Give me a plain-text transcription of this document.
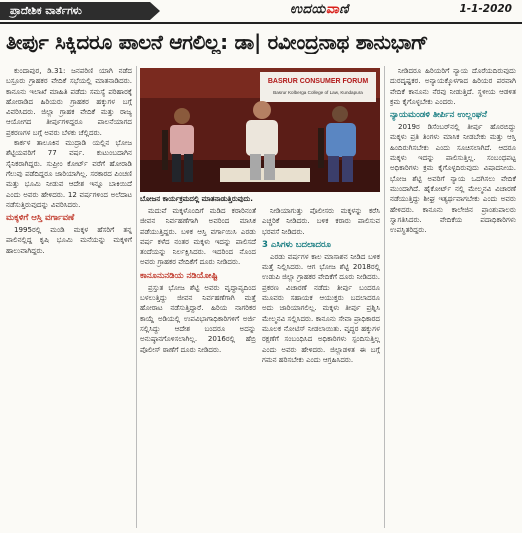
ಪ್ರಾದೇಶಿಕ ವಾರ್ತೆಗಳು	ಉದಯವಾಣಿ	1-1-2020
ತೀರ್ಪು ಸಿಕ್ಕಿದರೂ ಪಾಲನೆ ಆಗಲಿಲ್ಲ: ಡಾ| ರವೀಂದ್ರನಾಥ ಶಾನುಭಾಗ್
BASRUR CONSUMER FORUM
Basrur Kolberga College of Law, Kundapura
ಬೋಜನ ಕಾರ್ಯಕ್ರಮದಲ್ಲಿ ಮಾತನಾಡುತ್ತಿರುವುದು.

ಕುಂದಾಪುರ, ಡಿ.31: ಜನಪರಿಣಿ ಯಾಗಿ ನಡೆದ ಬಸ್ರೂರು ಗ್ರಾಹಕರ ವೇದಿಕೆ ಸಭೆಯಲ್ಲಿ ಮಾತನಾಡಿದರು. ಕಾನೂನು ಇಲಾಖೆ ಮಾಹಿತಿ ಪಡೆದು ಸಮಸ್ಯೆ ಪರಿಹಾರಕ್ಕೆ ಹೋರಾಡಿದ ಹಿರಿಯರು ಗ್ರಾಹಕರ ಹಕ್ಕುಗಳ ಬಗ್ಗೆ ವಿವರಿಸಿದರು. ಜಿಲ್ಲಾ ಗ್ರಾಹಕ ವೇದಿಕೆ ಮತ್ತು ರಾಜ್ಯ ಆಯೋಗದ ತೀರ್ಪುಗಳಿದ್ದರೂ ಪಾಲನೆಯಾಗದ ಪ್ರಕರಣಗಳ ಬಗ್ಗೆ ಅವರು ಬೆಳಕು ಚೆಲ್ಲಿದರು.

ಕಾರ್ಕಳ ತಾಲೂಕಿನ ಮುದ್ರಾಡಿ ಯಲ್ಲಿನ ಭೋಜ ಶೆಟ್ಟಿಯವರಿಗೆ 77 ವರ್ಷ. ಕುಟುಂಬದಾಗಿನ ಸೈನಿಕರಾಗಿದ್ದರು. ಸುಪ್ರೀಂ ಕೋರ್ಟ್ ವರೆಗೆ ಹೋರಾಡಿ ಗೆಲುವು ಪಡೆದಿದ್ದರೂ ಜಾರಿಯಾಗಿಲ್ಲ. ಸರಕಾರದ ಪಿಂಚಣಿ ಮತ್ತು ಭೂಮಿ ನೀಡುವ ಆದೇಶ ಇನ್ನೂ ಬಾಕಿಯಿದೆ ಎಂದು ಅವರು ಹೇಳಿದರು. 12 ವರ್ಷಗಳಿಂದ ಅಲೆದಾಟ ನಡೆಸುತ್ತಿರುವುದನ್ನು ವಿವರಿಸಿದರು.

ಮಕ್ಕಳಿಗೆ ಆಸ್ತಿ ವರ್ಗಾವಣೆ

1995ರಲ್ಲಿ ಮಂಡಿ ಮಕ್ಕಳ ಹೆಸರಿಗೆ ತನ್ನ ಪಾಲಿನಲ್ಲಿದ್ದ ಕೃಷಿ ಭೂಮಿ ಮನೆಯನ್ನು ಮಕ್ಕಳಿಗೆ ಹಾಲುವಾಗಿದ್ದರು.

ಮದುವೆ ಮಕ್ಕಳೊಂದಿಗೆ ಮಡಿದ ಕರಾರಿನಂತೆ ಜೀವನ ನಿರ್ವಹಣೆಗಾಗಿ ಅವರಿಂದ ಮಾಸಿಕ ಪಡೆಯುತ್ತಿದ್ದರು. ಬಳಿಕ ಆಸ್ತಿ ವರ್ಗಾಯಿಸಿ ಎರಡು ವರ್ಷ ಕಳೆದ ನಂತರ ಮಕ್ಕಳು ಇದನ್ನು ಪಾಲಿಸದೆ ತಂದೆಯನ್ನು ನಿರ್ಲಕ್ಷಿಸಿದರು. ಇದರಿಂದ ನೊಂದ ಅವರು ಗ್ರಾಹಕರ ವೇದಿಕೆಗೆ ದೂರು ನೀಡಿದರು.

ಕಾನೂನುನಡಿಯ ನಡಿಯೋಷ್ಟಿ

ಪ್ರಸ್ತುತ ಭೋಜ ಶೆಟ್ಟಿ ಅವರು ವೃದ್ಧಾಪ್ಯದಿಂದ ಬಳಲುತ್ತಿದ್ದು ಜೀವನ ನಿರ್ವಹಣೆಗಾಗಿ ಮತ್ತೆ ಹೋರಾಟ ನಡೆಸುತ್ತಿದ್ದಾರೆ. ಹಿರಿಯ ನಾಗರಿಕರ ಕಾಯ್ದೆ ಅಡಿಯಲ್ಲಿ ಉಪವಿಭಾಗಾಧಿಕಾರಿಗಳಿಗೆ ಅರ್ಜಿ ಸಲ್ಲಿಸಿದ್ದು ಆದೇಶ ಬಂದರೂ ಅದನ್ನು ಅನುಷ್ಠಾನಗೊಳಿಸಲಾಗಿಲ್ಲ. 2016ರಲ್ಲಿ ಹೆಬ್ರಿ ಪೊಲೀಸ್ ಠಾಣೆಗೆ ದೂರು ನೀಡಿದರು.

ನೀಡಿಯಾಗುತ್ತು ಪೊಲೀಸರು ಮಕ್ಕಳನ್ನು ಕರೆಸಿ ಎಚ್ಚರಿಕೆ ನೀಡಿದರು. ಬಳಿಕ ಕರಾರು ಪಾಲಿಸುವ ಭರವಸೆ ನೀಡಿದರು.

3 ಎಸಿಗಳು ಬದಲಾದರೂ

ಎರಡು ವರ್ಷಗಳ ಕಾಲ ಮಾಸಾಶನ ನೀಡಿದ ಬಳಿಕ ಮತ್ತೆ ನಿಲ್ಲಿಸಿದರು. ಆಗ ಭೋಜ ಶೆಟ್ಟಿ 2018ರಲ್ಲಿ ಉಡುಪಿ ಜಿಲ್ಲಾ ಗ್ರಾಹಕರ ವೇದಿಕೆಗೆ ದೂರು ನೀಡಿದರು. ಪ್ರಕರಣ ವಿಚಾರಣೆ ನಡೆದು ತೀರ್ಪು ಬಂದರೂ ಮೂವರು ಸಹಾಯಕ ಆಯುಕ್ತರು ಬದಲಾದರೂ ಅದು ಜಾರಿಯಾಗಲಿಲ್ಲ. ಮಕ್ಕಳು ತೀರ್ಪು ಪ್ರಶ್ನಿಸಿ ಮೇಲ್ಮನವಿ ಸಲ್ಲಿಸಿದರು. ಕಾನೂನು ಸೇವಾ ಪ್ರಾಧಿಕಾರದ ಮೂಲಕ ನೋಟಿಸ್ ನೀಡಲಾಯಿತು. ವೃದ್ಧರ ಹಕ್ಕುಗಳ ರಕ್ಷಣೆಗೆ ಸಂಬಂಧಿಸಿದ ಅಧಿಕಾರಿಗಳು ಸ್ಪಂದಿಸುತ್ತಿಲ್ಲ ಎಂದು ಅವರು ಹೇಳಿದರು. ಜಿಲ್ಲಾಡಳಿತ ಈ ಬಗ್ಗೆ ಗಮನ ಹರಿಸಬೇಕು ಎಂದು ಆಗ್ರಹಿಸಿದರು.

ನೀಡಿದರೂ ಹಿರಿಯರಿಗೆ ನ್ಯಾಯ ದೊರೆಯದಿರುವುದು ದುರದೃಷ್ಟಕರ. ಅನ್ಯಾಯಕ್ಕೊಳಗಾದ ಹಿರಿಯರ ಪರವಾಗಿ ವೇದಿಕೆ ಕಾನೂನು ನೆರವು ನೀಡುತ್ತಿದೆ. ಸ್ಥಳೀಯ ಆಡಳಿತ ಕ್ರಮ ಕೈಗೊಳ್ಳಬೇಕು ಎಂದರು.

ನ್ಯಾಯಮಂಡಳಿ ತೀರ್ಪಿನ ಉಲ್ಲಂಘನೆ

2019ರ ಡಿಸೆಂಬರ್‌ನಲ್ಲಿ ತೀರ್ಪು ಹೊರಬಿದ್ದು ಮಕ್ಕಳು ಪ್ರತಿ ತಿಂಗಳು ಮಾಸಿಕ ನೀಡಬೇಕು ಮತ್ತು ಆಸ್ತಿ ಹಿಂದಿರುಗಿಸಬೇಕು ಎಂದು ಸೂಚಿಸಲಾಗಿದೆ. ಆದರೂ ಮಕ್ಕಳು ಇದನ್ನು ಪಾಲಿಸುತ್ತಿಲ್ಲ. ಸಂಬಂಧಪಟ್ಟ ಅಧಿಕಾರಿಗಳು ಕ್ರಮ ಕೈಗೊಳ್ಳದಿರುವುದು ವಿಷಾದನೀಯ. ಭೋಜ ಶೆಟ್ಟಿ ಅವರಿಗೆ ನ್ಯಾಯ ಒದಗಿಸಲು ವೇದಿಕೆ ಮುಂದಾಗಿದೆ. ಹೈಕೋರ್ಟ್ ನಲ್ಲಿ ಮೇಲ್ಮನವಿ ವಿಚಾರಣೆ ನಡೆಯುತ್ತಿದ್ದು ಶೀಘ್ರ ಇತ್ಯರ್ಥವಾಗಬೇಕು ಎಂದು ಅವರು ಹೇಳಿದರು. ಕಾನೂನು ಕಾಲೇಜಿನ ಪ್ರಾಂಶುಪಾಲರು ಸ್ವಾಗತಿಸಿದರು. ವೇದಿಕೆಯ ಪದಾಧಿಕಾರಿಗಳು ಉಪಸ್ಥಿತರಿದ್ದರು.
